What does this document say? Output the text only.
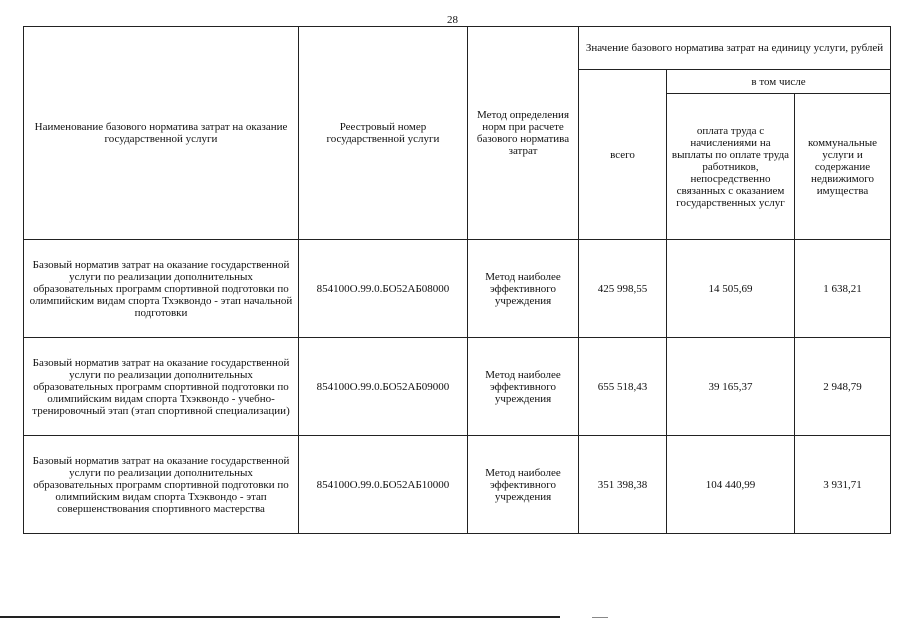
28
Наименование базового норматива затрат на оказание государственной услуги	Реестровый номер государственной услуги	Метод определения норм при расчете базового норматива затрат	Значение базового норматива затрат на единицу услуги, рублей		
			всего	в том числе	
				оплата труда с начислениями на выплаты по оплате труда работников, непосредственно связанных с оказанием государственных услуг	коммунальные услуги и содержание недвижимого имущества
Базовый норматив затрат на оказание государственной услуги по реализации дополнительных образовательных программ спортивной подготовки по олимпийским видам спорта Тхэквондо - этап начальной подготовки	854100О.99.0.БО52АБ08000	Метод наиболее эффективного учреждения	425 998,55	14 505,69	1 638,21
Базовый норматив затрат на оказание государственной услуги по реализации дополнительных образовательных программ спортивной подготовки по олимпийским видам спорта Тхэквондо - учебно-тренировочный этап (этап спортивной специализации)	854100О.99.0.БО52АБ09000	Метод наиболее эффективного учреждения	655 518,43	39 165,37	2 948,79
Базовый норматив затрат на оказание государственной услуги по реализации дополнительных образовательных программ спортивной подготовки по олимпийским видам спорта Тхэквондо - этап совершенствования спортивного мастерства	854100О.99.0.БО52АБ10000	Метод наиболее эффективного учреждения	351 398,38	104 440,99	3 931,71
